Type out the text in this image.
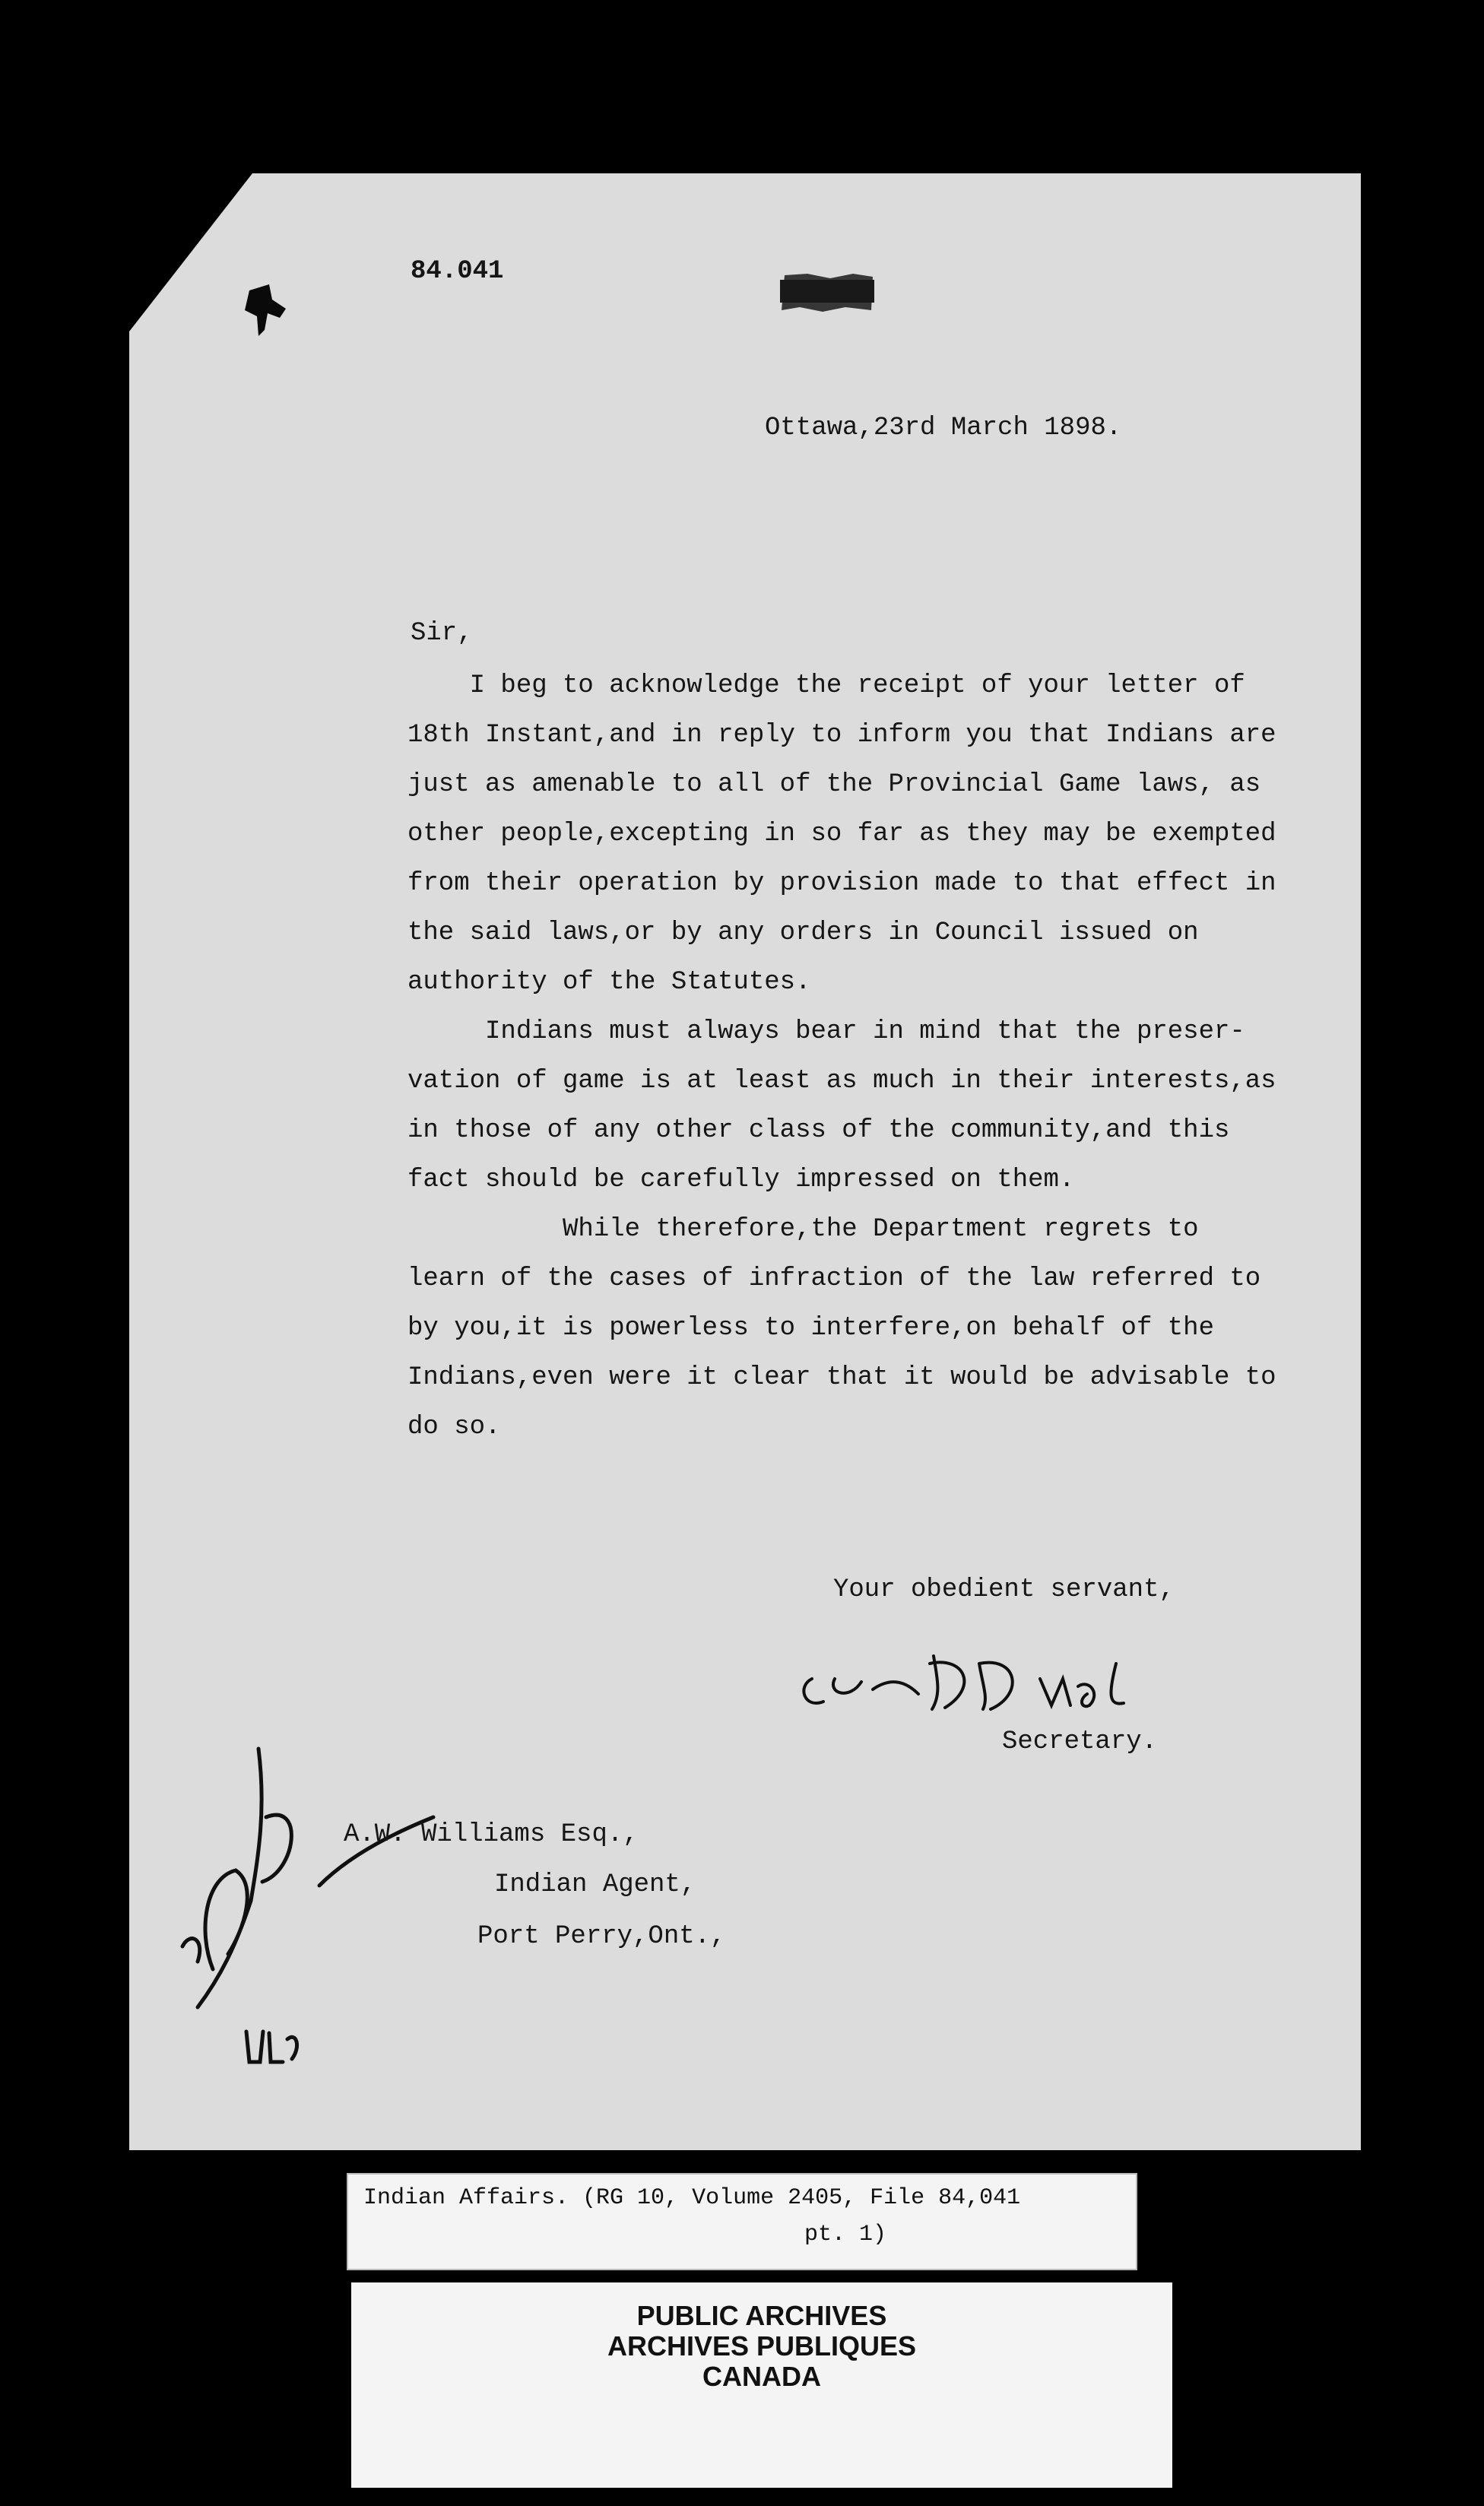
84.041
Ottawa,23rd March 1898.
Sir,

I beg to acknowledge the receipt of your letter of

18th Instant,and in reply to inform you that Indians are

just as amenable to all of the Provincial Game laws, as

other people,excepting in so far as they may be exempted

from their operation by provision made to that effect in

the said laws,or by any orders in Council issued on

authority of the Statutes.

Indians must always bear in mind that the preser-

vation of game is at least as much in their interests,as

in those of any other class of the community,and this

fact should be carefully impressed on them.

While therefore,the Department regrets to

learn of the cases of infraction of the law referred to

by you,it is powerless to interfere,on behalf of the

Indians,even were it clear that it would be advisable to

do so.

Your obedient servant,
Secretary.
A.W. Williams Esq.,
Indian Agent,
Port Perry,Ont.,
Indian Affairs. (RG 10, Volume 2405, File 84,041
pt. 1)
PUBLIC ARCHIVES
ARCHIVES PUBLIQUES
CANADA
